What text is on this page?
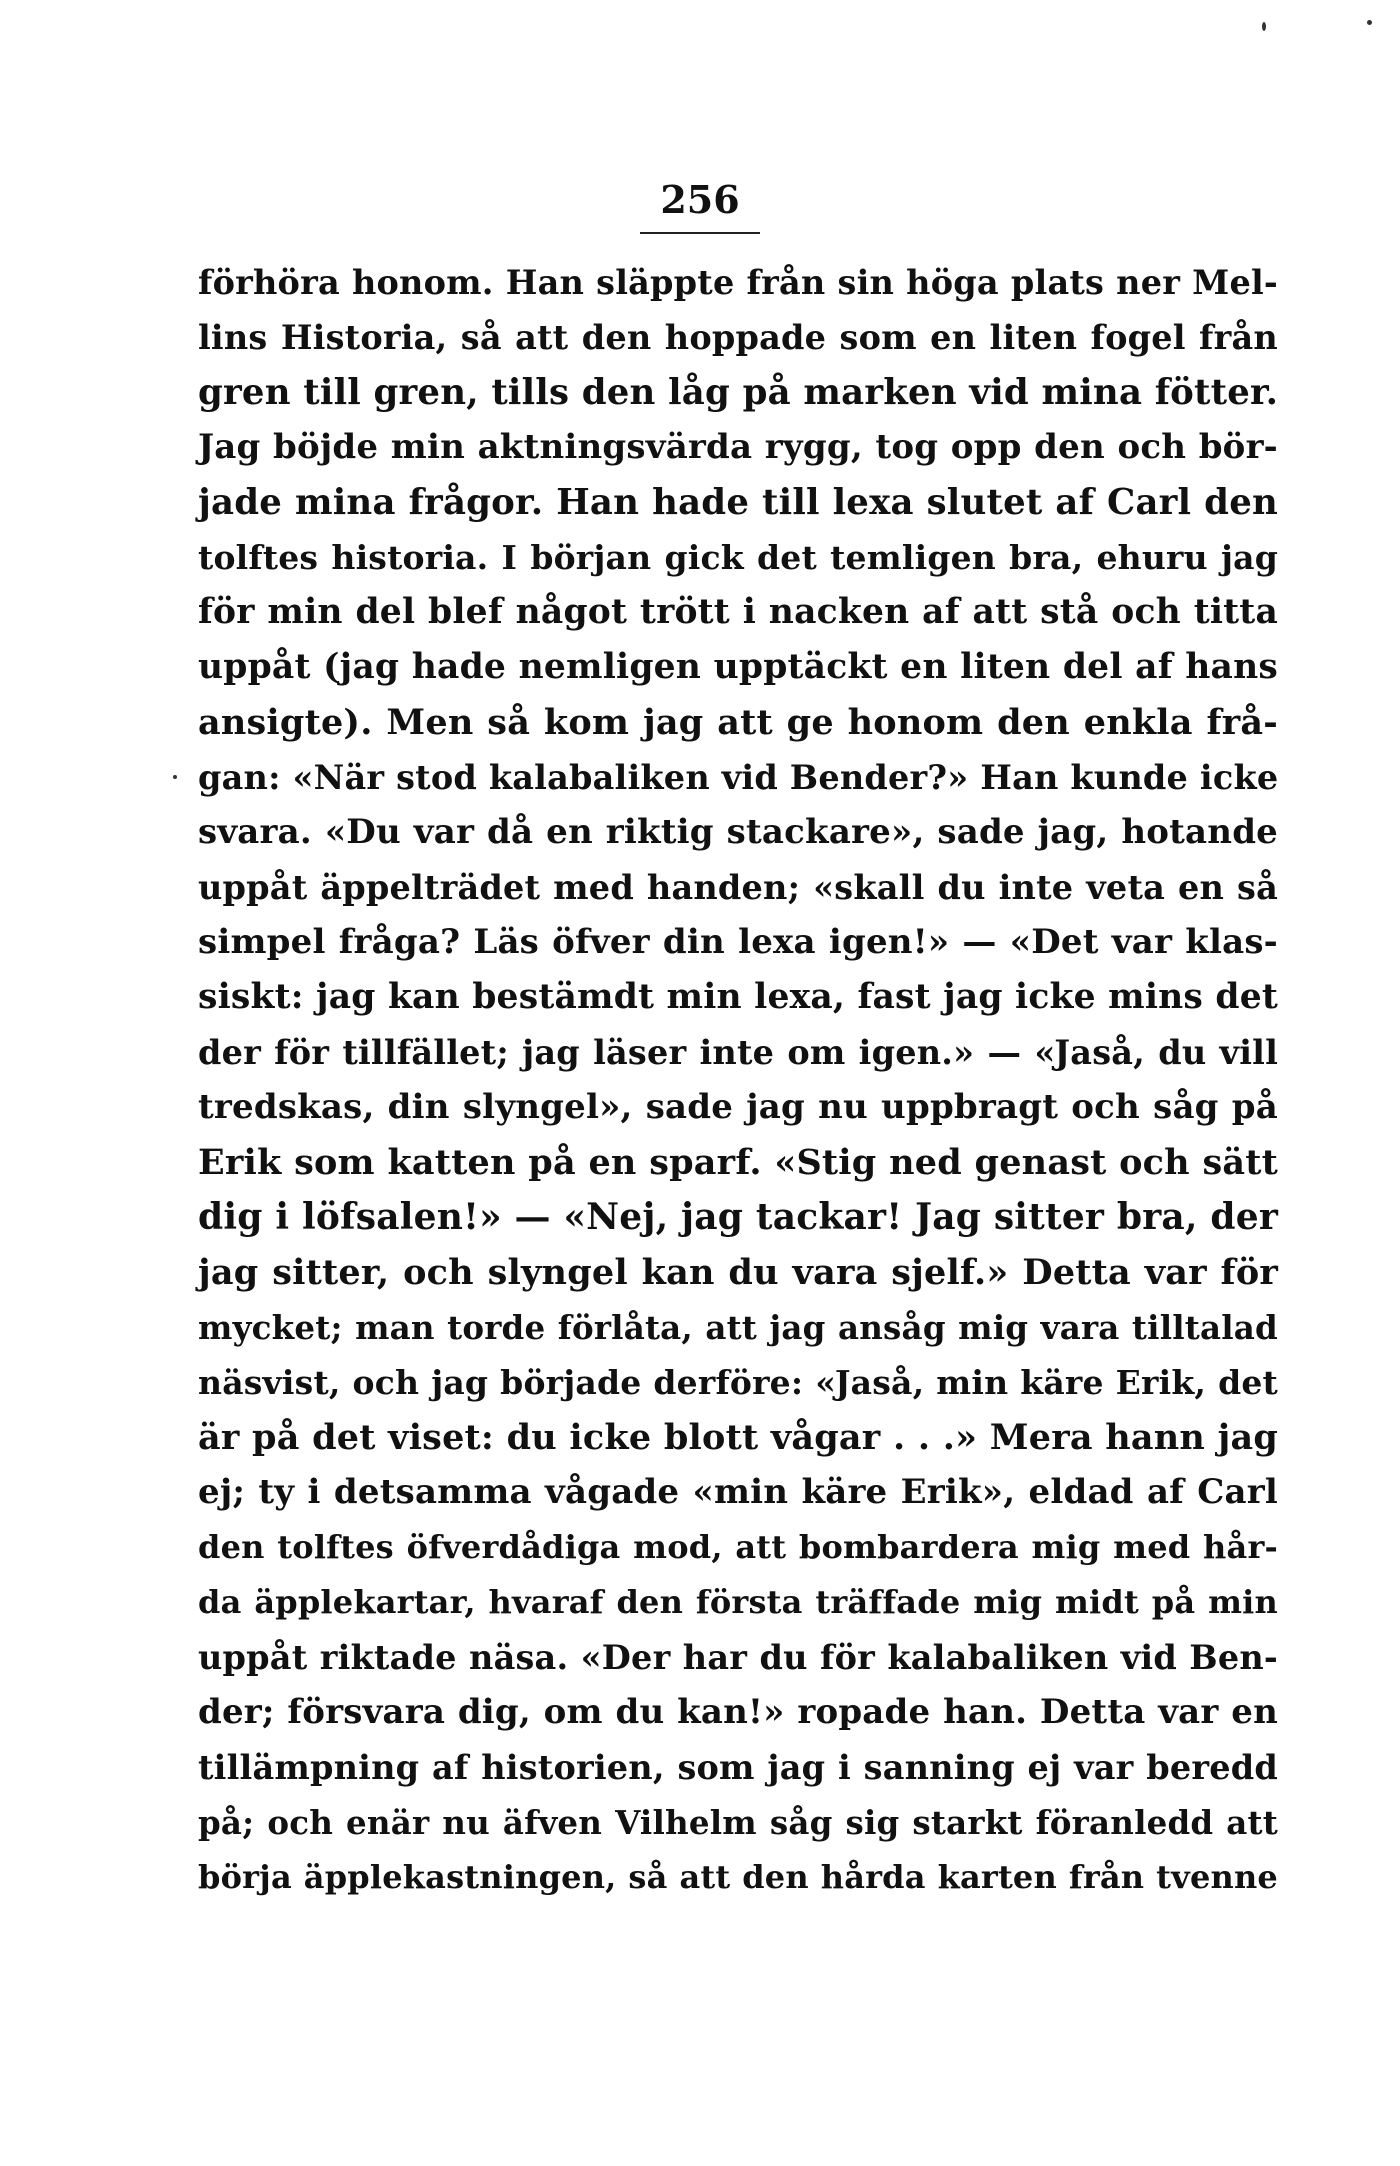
256
förhöra honom. Han släppte från sin höga plats ner Mel-
lins Historia, så att den hoppade som en liten fogel från
gren till gren, tills den låg på marken vid mina fötter.
Jag böjde min aktningsvärda rygg, tog opp den och bör-
jade mina frågor. Han hade till lexa slutet af Carl den
tolftes historia. I början gick det temligen bra, ehuru jag
för min del blef något trött i nacken af att stå och titta
uppåt (jag hade nemligen upptäckt en liten del af hans
ansigte). Men så kom jag att ge honom den enkla frå-
gan: «När stod kalabaliken vid Bender?» Han kunde icke
svara. «Du var då en riktig stackare», sade jag, hotande
uppåt äppelträdet med handen; «skall du inte veta en så
simpel fråga? Läs öfver din lexa igen!» — «Det var klas-
siskt: jag kan bestämdt min lexa, fast jag icke mins det
der för tillfället; jag läser inte om igen.» — «Jaså, du vill
tredskas, din slyngel», sade jag nu uppbragt och såg på
Erik som katten på en sparf. «Stig ned genast och sätt
dig i löfsalen!» — «Nej, jag tackar! Jag sitter bra, der
jag sitter, och slyngel kan du vara sjelf.» Detta var för
mycket; man torde förlåta, att jag ansåg mig vara tilltalad
näsvist, och jag började derföre: «Jaså, min käre Erik, det
är på det viset: du icke blott vågar . . .» Mera hann jag
ej; ty i detsamma vågade «min käre Erik», eldad af Carl
den tolftes öfverdådiga mod, att bombardera mig med hår-
da äpplekartar, hvaraf den första träffade mig midt på min
uppåt riktade näsa. «Der har du för kalabaliken vid Ben-
der; försvara dig, om du kan!» ropade han. Detta var en
tillämpning af historien, som jag i sanning ej var beredd
på; och enär nu äfven Vilhelm såg sig starkt föranledd att
börja äpplekastningen, så att den hårda karten från tvenne
